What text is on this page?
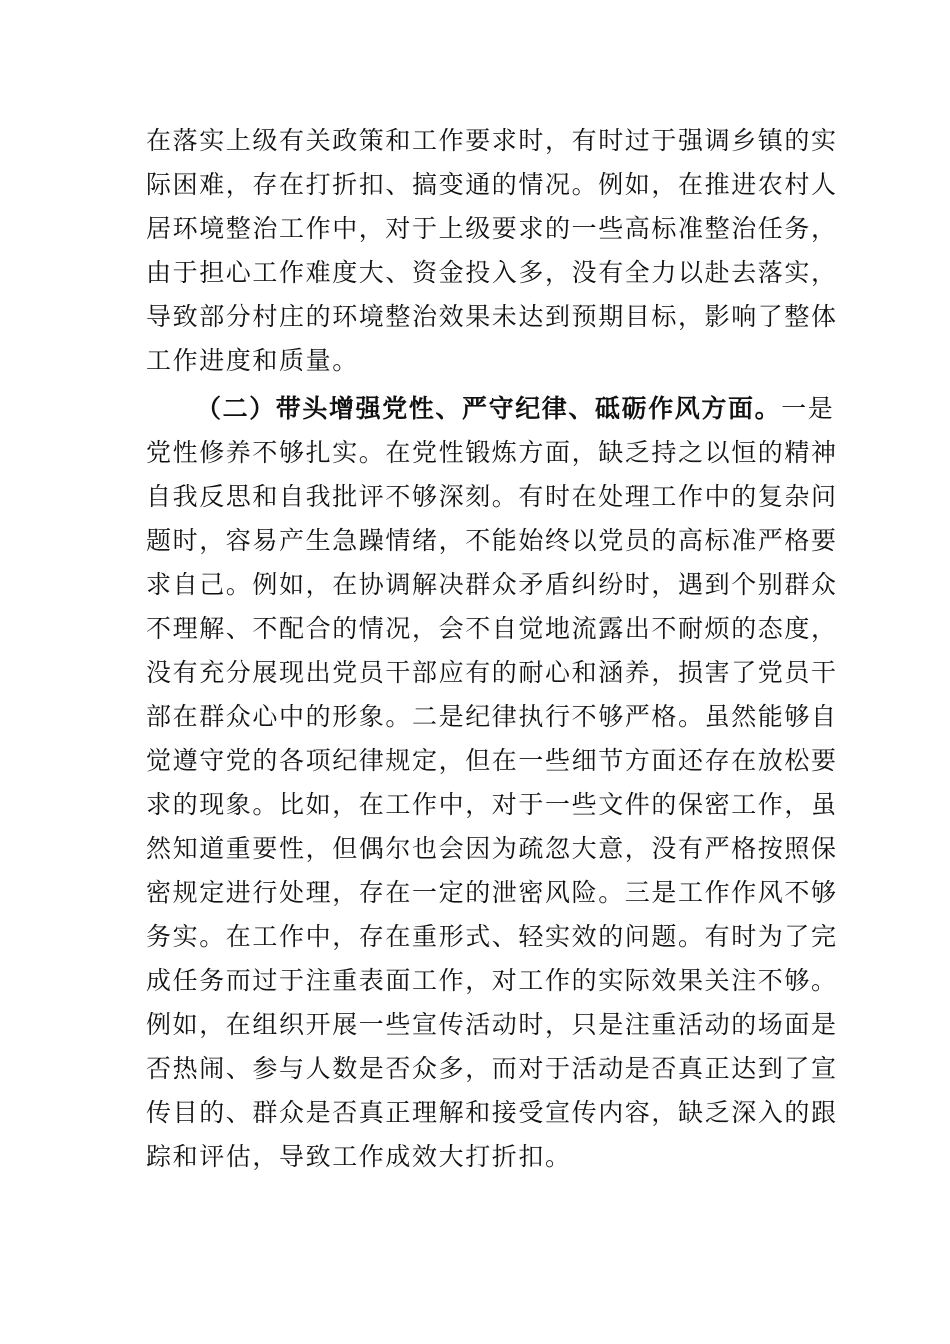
在落实上级有关政策和工作要求时，有时过于强调乡镇的实
际困难，存在打折扣、搞变通的情况。例如，在推进农村人
居环境整治工作中，对于上级要求的一些高标准整治任务，
由于担心工作难度大、资金投入多，没有全力以赴去落实，
导致部分村庄的环境整治效果未达到预期目标，影响了整体
工作进度和质量。
（二）带头增强党性、严守纪律、砥砺作风方面。一是
党性修养不够扎实。在党性锻炼方面，缺乏持之以恒的精神
自我反思和自我批评不够深刻。有时在处理工作中的复杂问
题时，容易产生急躁情绪，不能始终以党员的高标准严格要
求自己。例如，在协调解决群众矛盾纠纷时，遇到个别群众
不理解、不配合的情况，会不自觉地流露出不耐烦的态度，
没有充分展现出党员干部应有的耐心和涵养，损害了党员干
部在群众心中的形象。二是纪律执行不够严格。虽然能够自
觉遵守党的各项纪律规定，但在一些细节方面还存在放松要
求的现象。比如，在工作中，对于一些文件的保密工作，虽
然知道重要性，但偶尔也会因为疏忽大意，没有严格按照保
密规定进行处理，存在一定的泄密风险。三是工作作风不够
务实。在工作中，存在重形式、轻实效的问题。有时为了完
成任务而过于注重表面工作，对工作的实际效果关注不够。
例如，在组织开展一些宣传活动时，只是注重活动的场面是
否热闹、参与人数是否众多，而对于活动是否真正达到了宣
传目的、群众是否真正理解和接受宣传内容，缺乏深入的跟
踪和评估，导致工作成效大打折扣。
